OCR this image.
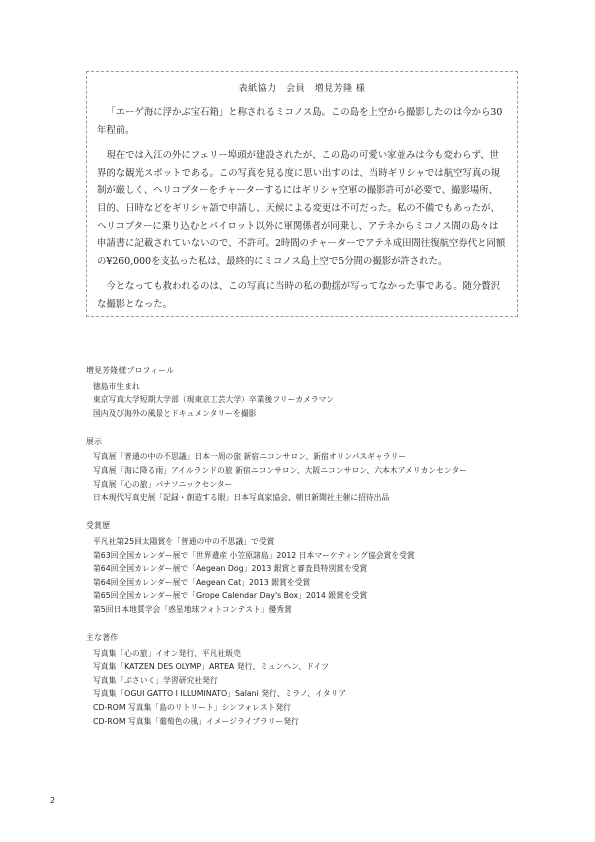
表紙協力　会員　増見芳隆 様

「エーゲ海に浮かぶ宝石箱」と称されるミコノス島。この島を上空から撮影したのは今から30年程前。

現在では入江の外にフェリー埠頭が建設されたが、この島の可愛い家並みは今も変わらず、世界的な観光スポットである。この写真を見る度に思い出すのは、当時ギリシャでは航空写真の規制が厳しく、ヘリコプターをチャーターするにはギリシャ空軍の撮影許可が必要で、撮影場所、目的、日時などをギリシャ語で申請し、天候による変更は不可だった。私の不備でもあったが、ヘリコプターに乗り込むとパイロット以外に軍関係者が同乗し、アテネからミコノス間の島々は申請書に記載されていないので、不許可。2時間のチャーターでアテネ成田間往復航空券代と同額の¥260,000を支払った私は、最終的にミコノス島上空で5分間の撮影が許された。

今となっても救われるのは、この写真に当時の私の動揺が写ってなかった事である。随分贅沢な撮影となった。

増見芳隆様プロフィール

徳島市生まれ

東京写真大学短期大学部（現東京工芸大学）卒業後フリーカメラマン

国内及び海外の風景とドキュメンタリーを撮影

展示

写真展「普通の中の不思議」日本一周の旅 新宿ニコンサロン、新宿オリンパスギャラリー

写真展「海に降る雨」アイルランドの旅 新宿ニコンサロン、大阪ニコンサロン、六本木アメリカンセンター

写真展「心の旅」パナソニックセンター

日本現代写真史展「記録・創造する眼」日本写真家協会、朝日新聞社主催に招待出品

受賞歴

平凡社第25回太陽賞を「普通の中の不思議」で受賞

第63回全国カレンダー展で「世界遺産 小笠原諸島」2012 日本マーケティング協会賞を受賞

第64回全国カレンダー展で「Aegean Dog」2013 銀賞と審査員特別賞を受賞

第64回全国カレンダー展で「Aegean Cat」2013 銀賞を受賞

第65回全国カレンダー展で「Grope Calendar Day's Box」2014 銀賞を受賞

第5回日本地質学会「惑星地球フォトコンテスト」優秀賞

主な著作

写真集「心の旅」イオン発行、平凡社販売

写真集「KATZEN DES OLYMP」ARTEA 発行、ミュンヘン、ドイツ

写真集「ぶさいく」学習研究社発行

写真集「OGUI GATTO I ILLUMINATO」Salani 発行、ミラノ、イタリア

CD-ROM 写真集「島のリトリート」シンフォレスト発行

CD-ROM 写真集「葡萄色の風」イメージライブラリー発行

2
